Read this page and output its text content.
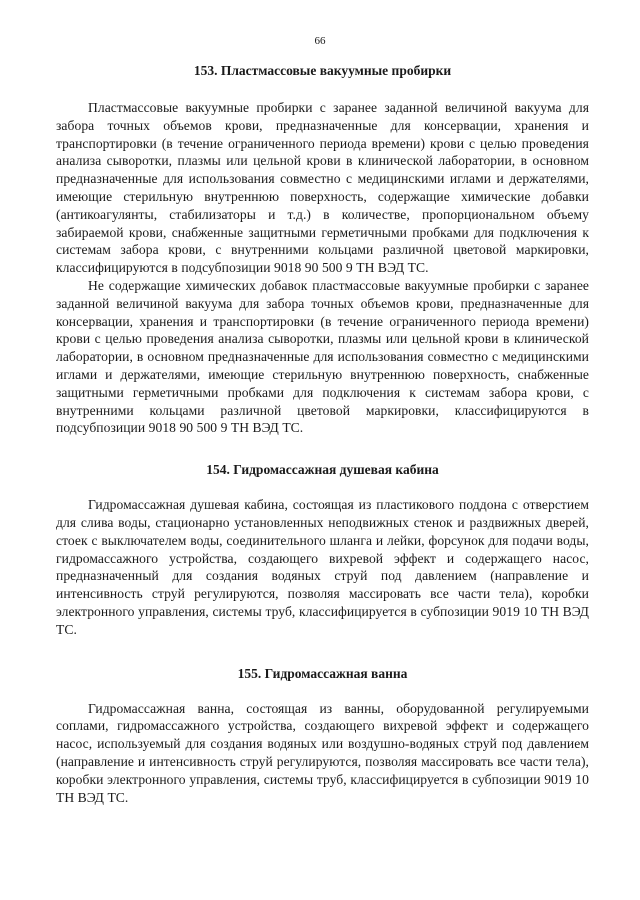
66
153. Пластмассовые вакуумные пробирки

Пластмассовые вакуумные пробирки с заранее заданной величиной вакуума для забора точных объемов крови, предназначенные для консервации, хранения и транспортировки (в течение ограниченного периода времени) крови с целью проведения анализа сыворотки, плазмы или цельной крови в клинической лаборатории, в основном предназначенные для использования совместно с медицинскими иглами и держателями, имеющие стерильную внутреннюю поверхность, содержащие химические добавки (антикоагулянты, стабилизаторы и т.д.) в количестве, пропорциональном объему забираемой крови, снабженные защитными герметичными пробками для подключения к системам забора крови, с внутренними кольцами различной цветовой маркировки, классифицируются в подсубпозиции 9018 90 500 9 ТН ВЭД ТС.

Не содержащие химических добавок пластмассовые вакуумные пробирки с заранее заданной величиной вакуума для забора точных объемов крови, предназначенные для консервации, хранения и транспортировки (в течение ограниченного периода времени) крови с целью проведения анализа сыворотки, плазмы или цельной крови в клинической лаборатории, в основном предназначенные для использования совместно с медицинскими иглами и держателями, имеющие стерильную внутреннюю поверхность, снабженные защитными герметичными пробками для подключения к системам забора крови, с внутренними кольцами различной цветовой маркировки, классифицируются в подсубпозиции 9018 90 500 9 ТН ВЭД ТС.

154. Гидромассажная душевая кабина

Гидромассажная душевая кабина, состоящая из пластикового поддона с отверстием для слива воды, стационарно установленных неподвижных стенок и раздвижных дверей, стоек с выключателем воды, соединительного шланга и лейки, форсунок для подачи воды, гидромассажного устройства, создающего вихревой эффект и содержащего насос, предназначенный для создания водяных струй под давлением (направление и интенсивность струй регулируются, позволяя массировать все части тела), коробки электронного управления, системы труб, классифицируется в субпозиции 9019 10 ТН ВЭД ТС.

155. Гидромассажная ванна

Гидромассажная ванна, состоящая из ванны, оборудованной регулируемыми соплами, гидромассажного устройства, создающего вихревой эффект и содержащего насос, используемый для создания водяных или воздушно-водяных струй под давлением (направление и интенсивность струй регулируются, позволяя массировать все части тела), коробки электронного управления, системы труб, классифицируется в субпозиции 9019 10 ТН ВЭД ТС.
